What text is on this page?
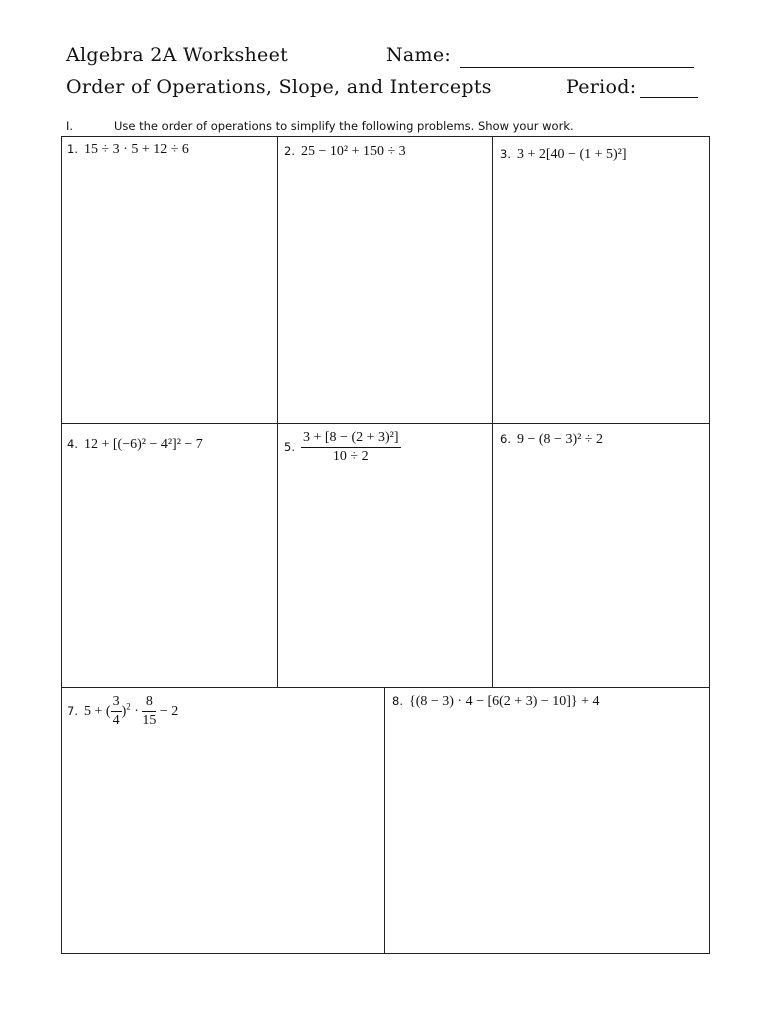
Algebra 2A Worksheet	Name:
Order of Operations, Slope, and Intercepts	Period:
I.	Use the order of operations to simplify the following problems. Show your work.
1. 15 ÷ 3 · 5 + 12 ÷ 6	2. 25 − 10² + 150 ÷ 3	3. 3 + 2[40 − (1 + 5)²]
4. 12 + [(−6)² − 4²]² − 7	5. $\frac{\text{3 + [8 − (2 + 3)²]}}{10 \div 2}$	6. 9 − (8 − 3)² ÷ 2
7. 5 + ( $\frac{3}{4} )^2 \cdot \frac{8}{15} - 2$
8. {(8 − 3) · 4 − [6(2 + 3) − 10]} + 4
